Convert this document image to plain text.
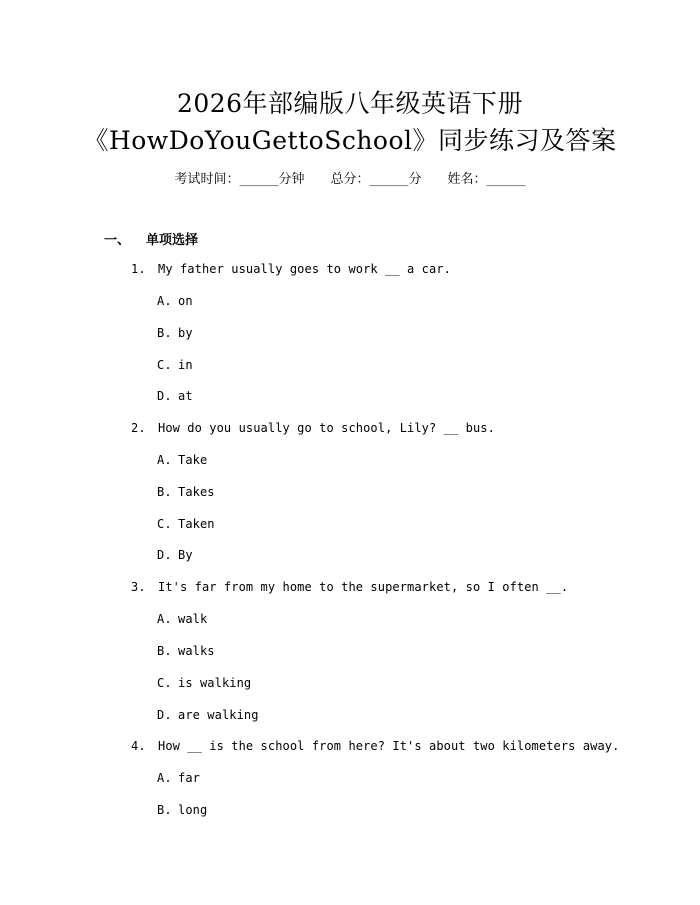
2026年部编版八年级英语下册
《HowDoYouGettoSchool》同步练习及答案
考试时间：______分钟 总分：______分 姓名：______
一、 单项选择
1. My father usually goes to work __ a car.
A. on
B. by
C. in
D. at
2. How do you usually go to school, Lily? __ bus.
A. Take
B. Takes
C. Taken
D. By
3. It's far from my home to the supermarket, so I often __.
A. walk
B. walks
C. is walking
D. are walking
4. How __ is the school from here? It's about two kilometers away.
A. far
B. long
